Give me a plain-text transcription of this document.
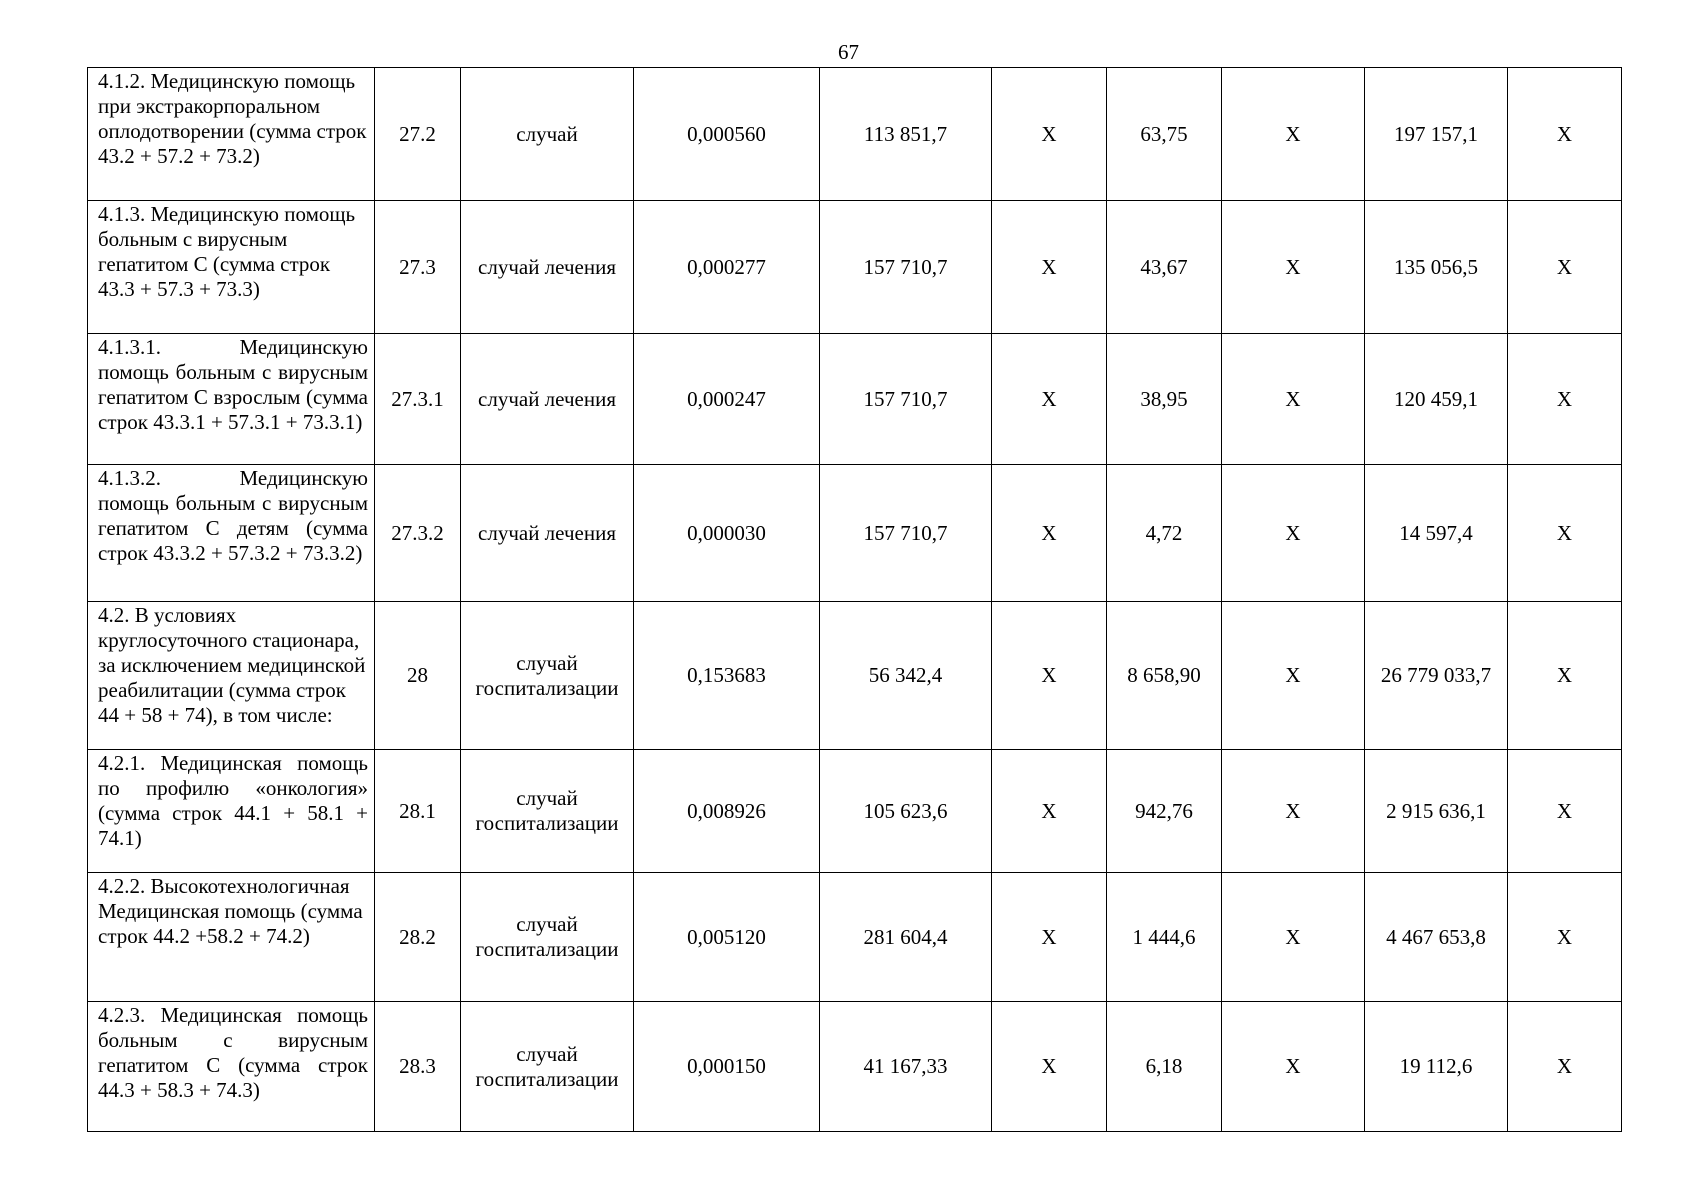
67
4.1.2. Медицинскую помощь при экстракорпоральном оплодотворении (сумма строк 43.2 + 57.2 + 73.2)	27.2	случай	0,000560	113 851,7	X	63,75	X	197 157,1	X
4.1.3. Медицинскую помощь больным с вирусным гепатитом С (сумма строк 43.3 + 57.3 + 73.3)	27.3	случай лечения	0,000277	157 710,7	X	43,67	X	135 056,5	X
4.1.3.1. Медицинскую помощь больным с вирусным гепатитом С взрослым (сумма строк 43.3.1 + 57.3.1 + 73.3.1)	27.3.1	случай лечения	0,000247	157 710,7	X	38,95	X	120 459,1	X
4.1.3.2. Медицинскую помощь больным с вирусным гепатитом С детям (сумма строк 43.3.2 + 57.3.2 + 73.3.2)	27.3.2	случай лечения	0,000030	157 710,7	X	4,72	X	14 597,4	X
4.2. В условиях круглосуточного стационара, за исключением медицинской реабилитации (сумма строк 44 + 58 + 74), в том числе:	28	случай госпитализации	0,153683	56 342,4	X	8 658,90	X	26 779 033,7	X
4.2.1. Медицинская помощь по профилю «онкология» (сумма строк 44.1 + 58.1 + 74.1)	28.1	случай госпитализации	0,008926	105 623,6	X	942,76	X	2 915 636,1	X
4.2.2. Высокотехнологичная Медицинская помощь (сумма строк 44.2 +58.2 + 74.2)	28.2	случай госпитализации	0,005120	281 604,4	X	1 444,6	X	4 467 653,8	X
4.2.3. Медицинская помощь больным с вирусным гепатитом С (сумма строк 44.3 + 58.3 + 74.3)	28.3	случай госпитализации	0,000150	41 167,33	X	6,18	X	19 112,6	X
